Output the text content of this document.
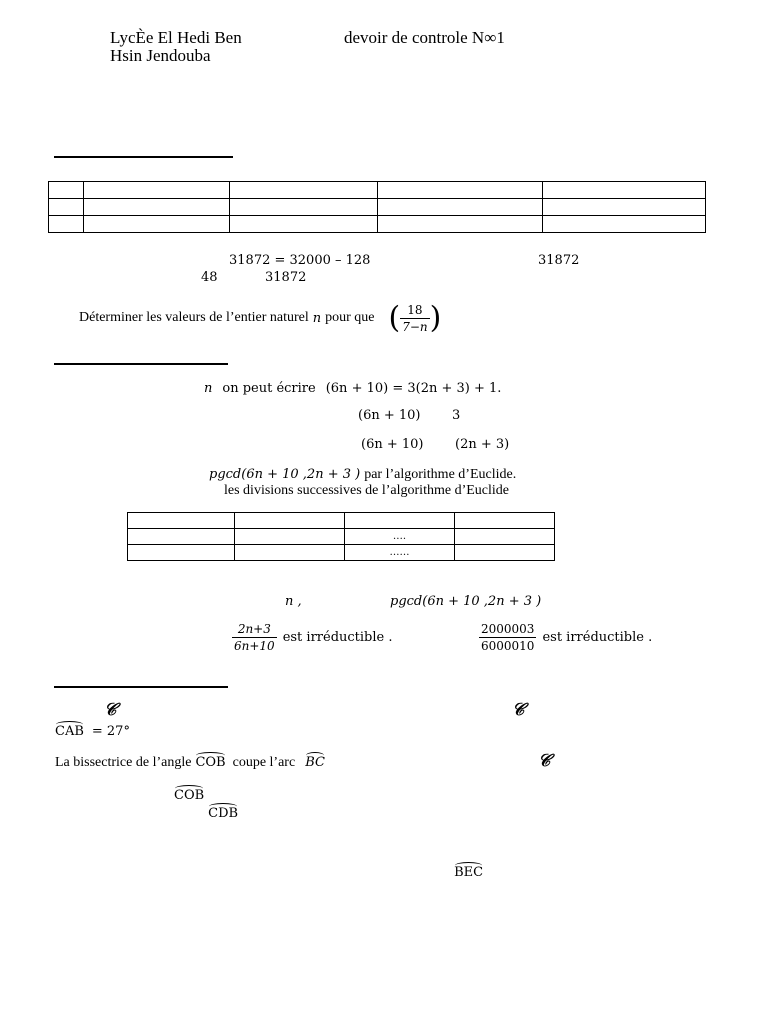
LycÈe El Hedi Ben
Hsin Jendouba
devoir de controle N∞1

31872 = 32000 – 128	31872
48	31872
Déterminer les valeurs de l’entier naturel n pour que ( $\frac{18}{7-n}$ )
n on peut écrire (6n + 10) = 3(2n + 3) + 1.
(6n + 10) 3
(6n + 10) (2n + 3)
pgcd(6n + 10 ,2n + 3 ) par l’algorithme d’Euclide.
les divisions successives de l’algorithme d’Euclide

		….	
		……	
n ,	pgcd(6n + 10 ,2n + 3 )
$\frac{2n+3}{6n+10}$ est irréductible .	$\frac{2000003}{6000010}$ est irréductible .
𝒞	𝒞
CAB = 27°
La bissectrice de l’angle COB coupe l’arc BC	𝒞
COB CDB BEC
